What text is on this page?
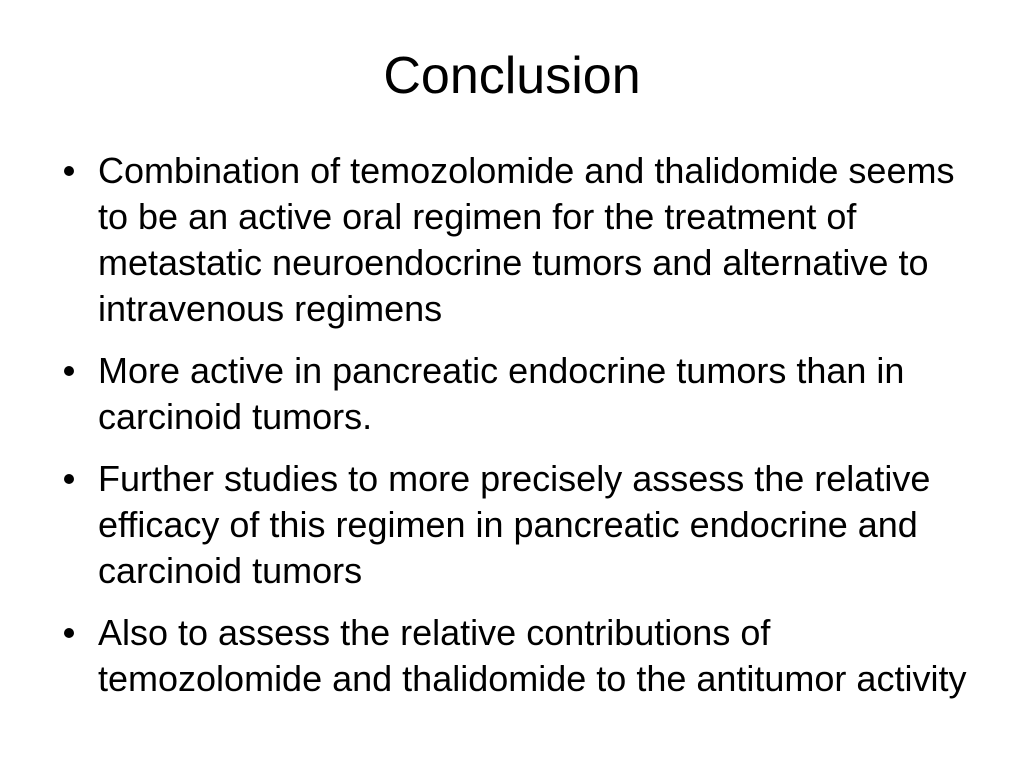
Conclusion
Combination of temozolomide and thalidomide seems to be an active oral regimen for the treatment of metastatic neuroendocrine tumors and alternative to intravenous regimens
More active in pancreatic endocrine tumors than in carcinoid tumors.
Further studies to more precisely assess the relative efficacy of this regimen in pancreatic endocrine and carcinoid tumors
Also to assess the relative contributions of temozolomide and thalidomide to the antitumor activity
